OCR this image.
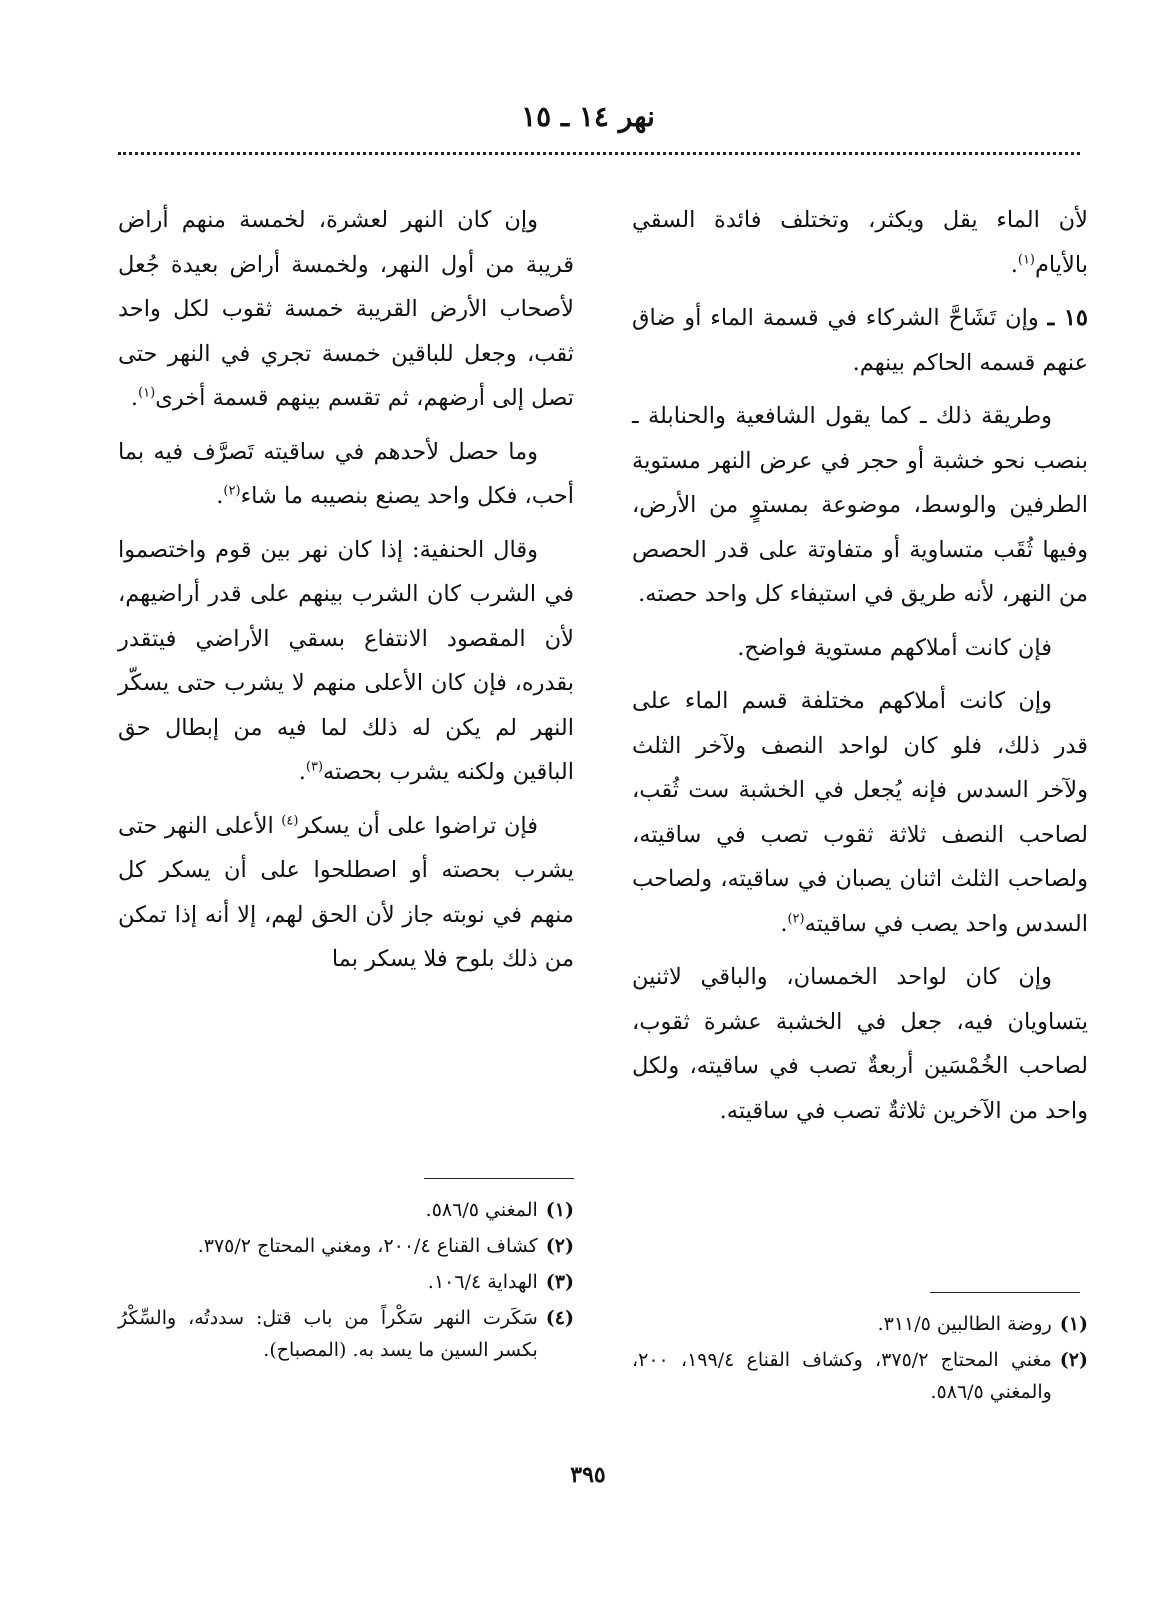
نهر ١٤ ـ ١٥

لأن الماء يقل ويكثر، وتختلف فائدة السقي بالأيام$^{(١)}$.

١٥ ـ وإن تَشَاحَّ الشركاء في قسمة الماء أو ضاق عنهم قسمه الحاكم بينهم.

وطريقة ذلك ـ كما يقول الشافعية والحنابلة ـ بنصب نحو خشبة أو حجر في عرض النهر مستوية الطرفين والوسط، موضوعة بمستوٍ من الأرض، وفيها ثُقَب متساوية أو متفاوتة على قدر الحصص من النهر، لأنه طريق في استيفاء كل واحد حصته.

فإن كانت أملاكهم مستوية فواضح.

وإن كانت أملاكهم مختلفة قسم الماء على قدر ذلك، فلو كان لواحد النصف ولآخر الثلث ولآخر السدس فإنه يُجعل في الخشبة ست ثُقب، لصاحب النصف ثلاثة ثقوب تصب في ساقيته، ولصاحب الثلث اثنان يصبان في ساقيته، ولصاحب السدس واحد يصب في ساقيته$^{(٢)}$.

وإن كان لواحد الخمسان، والباقي لاثنين يتساويان فيه، جعل في الخشبة عشرة ثقوب، لصاحب الخُمْسَين أربعةٌ تصب في ساقيته، ولكل واحد من الآخرين ثلاثةٌ تصب في ساقيته.

وإن كان النهر لعشرة، لخمسة منهم أراض قريبة من أول النهر، ولخمسة أراض بعيدة جُعل لأصحاب الأرض القريبة خمسة ثقوب لكل واحد ثقب، وجعل للباقين خمسة تجري في النهر حتى تصل إلى أرضهم، ثم تقسم بينهم قسمة أخرى$^{(١)}$.

وما حصل لأحدهم في ساقيته تَصرَّف فيه بما أحب، فكل واحد يصنع بنصيبه ما شاء$^{(٢)}$.

وقال الحنفية: إذا كان نهر بين قوم واختصموا في الشرب كان الشرب بينهم على قدر أراضيهم، لأن المقصود الانتفاع بسقي الأراضي فيتقدر بقدره، فإن كان الأعلى منهم لا يشرب حتى يسكّر النهر لم يكن له ذلك لما فيه من إبطال حق الباقين ولكنه يشرب بحصته$^{(٣)}$.

فإن تراضوا على أن يسكر$^{(٤)}$ الأعلى النهر حتى يشرب بحصته أو اصطلحوا على أن يسكر كل منهم في نوبته جاز لأن الحق لهم، إلا أنه إذا تمكن من ذلك بلوح فلا يسكر بما

(١)
روضة الطالبين ٣١١/٥.
(٢)
مغني المحتاج ٣٧٥/٢، وكشاف القناع ١٩٩/٤، ٢٠٠، والمغني ٥٨٦/٥.
(١)
المغني ٥٨٦/٥.
(٢)
كشاف القناع ٢٠٠/٤، ومغني المحتاج ٣٧٥/٢.
(٣)
الهداية ١٠٦/٤.
(٤)
سَكَرت النهر سَكْراً من باب قتل: سددتُه، والسِّكْرُ بكسر السين ما يسد به. (المصباح).
٣٩٥
